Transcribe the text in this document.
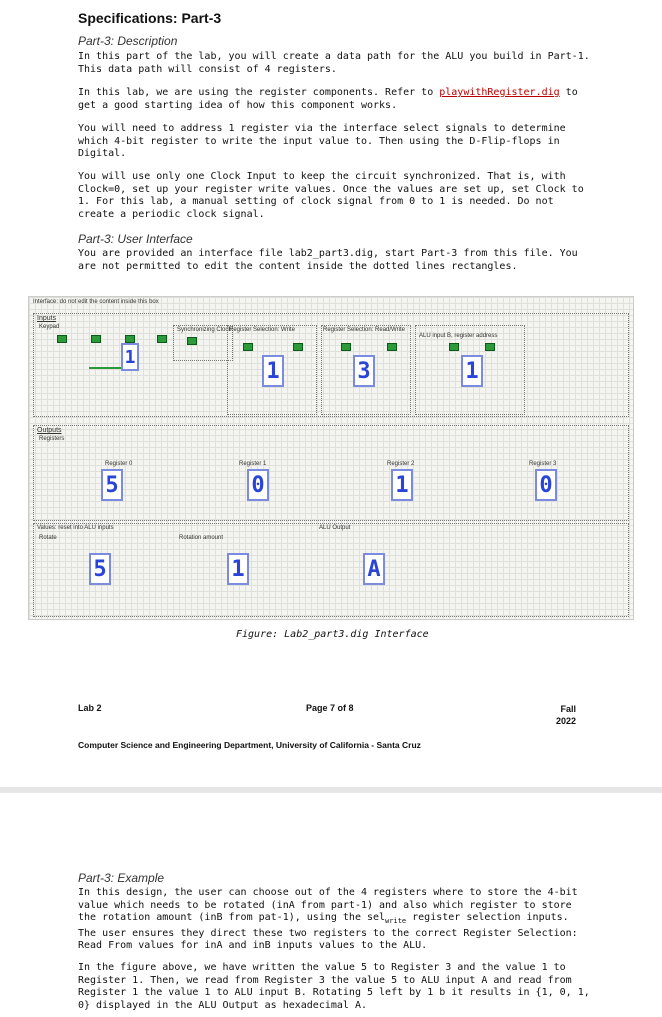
Specifications: Part-3
Part-3: Description

In this part of the lab, you will create a data path for the ALU you build in Part-1.
This data path will consist of 4 registers.

In this lab, we are using the register components. Refer to playwithRegister.dig to
get a good starting idea of how this component works.

You will need to address 1 register via the interface select signals to determine
which 4-bit register to write the input value to. Then using the D-Flip-flops in
Digital.

You will use only one Clock Input to keep the circuit synchronized. That is, with
Clock=0, set up your register write values. Once the values are set up, set Clock to
1. For this lab, a manual setting of clock signal from 0 to 1 is needed. Do not
create a periodic clock signal.

Part-3: User Interface

You are provided an interface file lab2_part3.dig, start Part-3 from this file. You
are not permitted to edit the content inside the dotted lines rectangles.

Interface: do not edit the content inside this box
Inputs
Keypad
1
Synchronizing Clock
Register Selection: Write
1
Register Selection: Read/Write
3
ALU input B, register address
1
Outputs
Registers
Register 0	Register 1	Register 2	Register 3
5	0	1	0
Values: reset into ALU inputs
Rotate	Rotation amount
ALU Output
5	1	A
Figure: Lab2_part3.dig Interface
Lab 2	Page 7 of 8	Fall
2022
Computer Science and Engineering Department, University of California - Santa Cruz
Part-3: Example

In this design, the user can choose out of the 4 registers where to store the 4-bit
value which needs to be rotated (inA from part-1) and also which register to store
the rotation amount (inB from pat-1), using the sel$_{write}$ register selection inputs.
The user ensures they direct these two registers to the correct Register Selection:
Read From values for inA and inB inputs values to the ALU.

In the figure above, we have written the value 5 to Register 3 and the value 1 to
Register 1. Then, we read from Register 3 the value 5 to ALU input A and read from
Register 1 the value 1 to ALU input B. Rotating 5 left by 1 b it results in {1, 0, 1,
0} displayed in the ALU Output as hexadecimal A.
